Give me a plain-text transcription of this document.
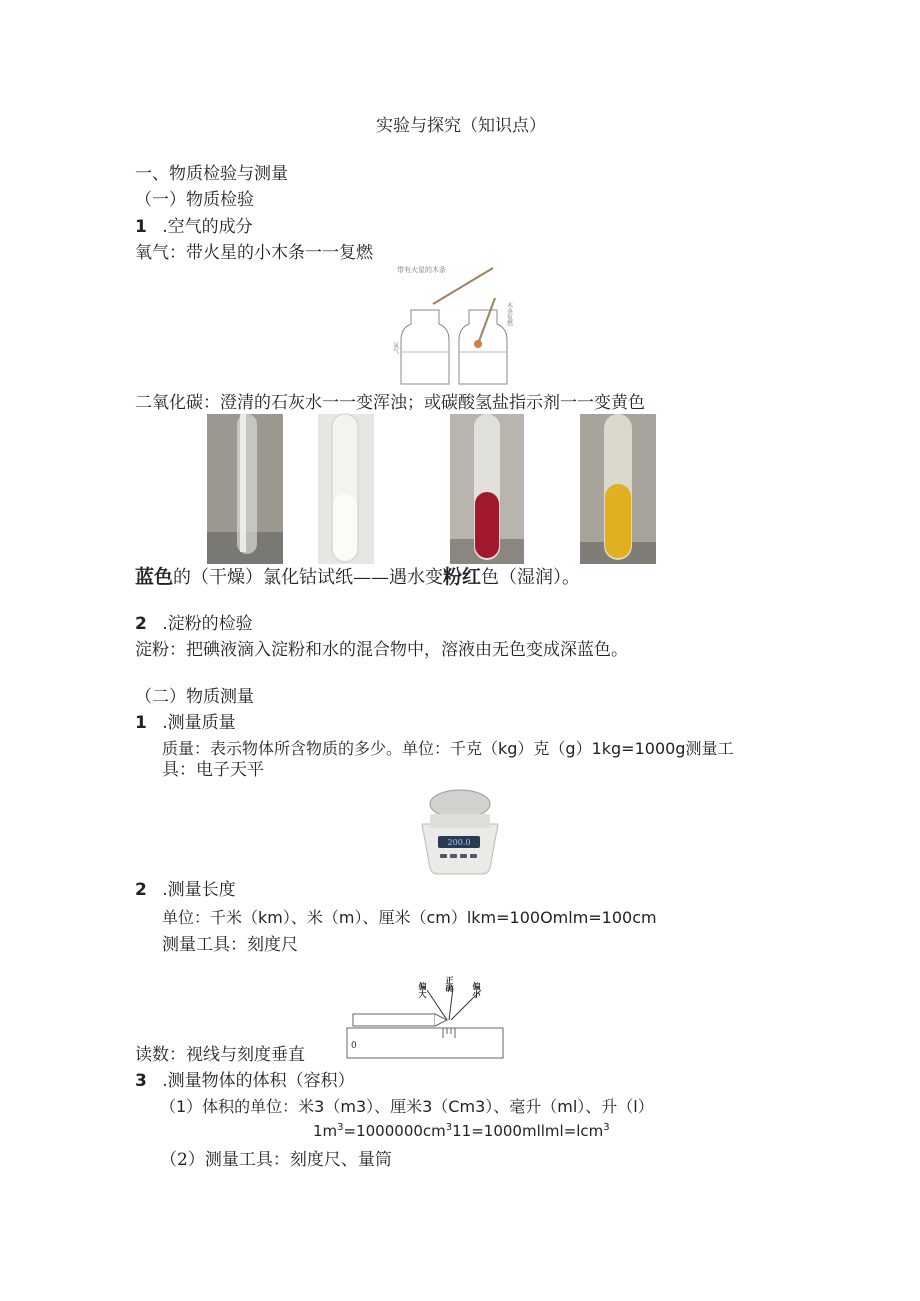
实验与探究（知识点）
一、物质检验与测量
（一）物质检验
1 .空气的成分
氧气：带火星的小木条一一复燃
带有火星的木条
木条复燃
氧气
二氧化碳：澄清的石灰水一一变浑浊；或碳酸氢盐指示剂一一变黄色
蓝色的（干燥）氯化钴试纸——遇水变粉红色（湿润）。
2 .淀粉的检验
淀粉：把碘液滴入淀粉和水的混合物中，溶液由无色变成深蓝色。
（二）物质测量
1 .测量质量
质量：表示物体所含物质的多少。单位：千克（kg）克（g）1kg=1000g测量工
具：电子天平
200.0
2 .测量长度
单位：千米（km）、米（m）、厘米（cm）lkm=100Omlm=100cm
测量工具：刻度尺
偏大 正确 偏小
0
读数：视线与刻度垂直
3 .测量物体的体积（容积）
（1）体积的单位：米3（m3）、厘米3（Cm3）、毫升（ml）、升（l）
$1m^3=1000000cm^311=1000mllml=lcm^3$
（2）测量工具：刻度尺、量筒
